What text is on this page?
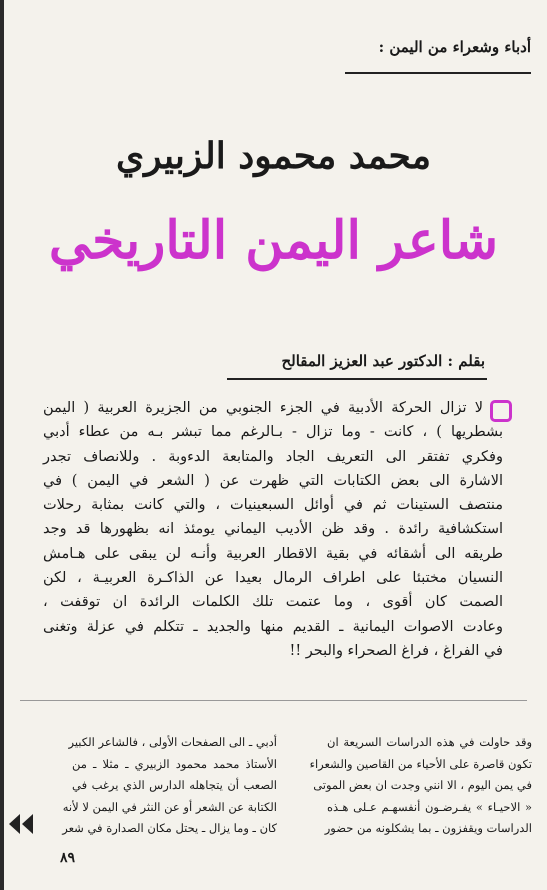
أدباء وشعراء من اليمن :
محمد محمود الزبيري
شاعر اليمن التاريخي
بقلم : الدكتور عبد العزيز المقالح
لا تزال الحركة الأدبية في الجزء الجنوبي من الجزيرة العربية ( اليمن
بشطريها ) ، كانت - وما تزال - بـالرغم مما تبشر بـه من عطاء أدبي
وفكري تفتقر الى التعريف الجاد والمتابعة الدءوبة . وللانصاف تجدر
الاشارة الى بعض الكتابات التي ظهرت عن ( الشعر في اليمن ) في
منتصف الستينات ثم في أوائل السبعينيات ، والتي كانت بمثابة رحلات
استكشافية رائدة . وقد ظن الأديب اليماني يومئذ انه بظهورها قد وجد
طريقه الى أشقائه في بقية الاقطار العربية وأنـه لن يبقى على هـامش
النسيان مختبئا على اطراف الرمال بعيدا عن الذاكـرة العربيـة ، لكن
الصمت كان أقوى ، وما عتمت تلك الكلمات الرائدة ان توقفت ،
وعادت الاصوات اليمانية ـ القديم منها والجديد ـ تتكلم في عزلة وتغنى
في الفراغ ، فراغ الصحراء والبحر !!
وقد حاولت في هذه الدراسات السريعة ان
تكون قاصرة على الأحياء من القاصين والشعراء
في يمن اليوم ، الا انني وجدت ان بعض الموتى
« الاحيـاء » يفـرضـون أنفسهـم عـلى هـذه
الدراسات ويقفزون ـ بما يشكلونه من حضور
أدبي ـ الى الصفحات الأولى ، فالشاعر الكبير
الأستاذ محمد محمود الزبيري ـ مثلا ـ من
الصعب أن يتجاهله الدارس الذي يرغب في
الكتابة عن الشعر أو عن النثر في اليمن لا لأنه
كان ـ وما يزال ـ يحتل مكان الصدارة في شعر
٨٩
